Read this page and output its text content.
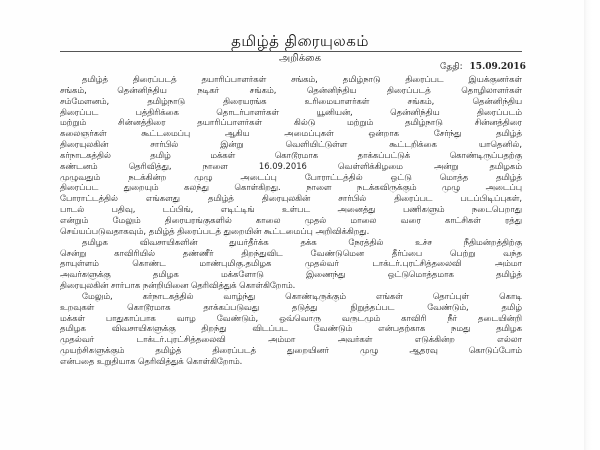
தமிழ்த் திரையுலகம்
அறிக்கை
தேதி: 15.09.2016
தமிழ்த் திரைப்படத் தயாரிப்பாளர்கள் சங்கம், தமிழ்நாடு திரைப்பட இயக்குனர்கள்
சங்கம், தென்னிந்திய நடிகர் சங்கம், தென்னிந்திய திரைப்படத் தொழிலாளர்கள்
சம்மேளனம், தமிழ்நாடு திரையரங்க உரிமையாளர்கள் சங்கம், தென்னிந்திய
திரைப்பட பத்திரிக்கை தொடர்பாளர்கள் யூனியன், தென்னிந்திய திரைப்படம்
மற்றும் சின்னத்திரை தயாரிப்பாளர்கள் கில்டு மற்றும் தமிழ்நாடு சின்னத்திரை
கலைஞர்கள் கூட்டமைப்பு ஆகிய அமைப்புகள் ஒன்றாக சேர்ந்து தமிழ்த்
திரையுலகின் சார்பில் இன்று வெளியிட்டுள்ள கூட்டறிக்கை யாதெனில்,
கர்நாடகத்தில் தமிழ் மக்கள் கொடூரமாக தாக்கப்பட்டுக் கொண்டிருப்பதற்கு
கண்டனம் தெரிவித்து, நாளை 16.09.2016 வெள்ளிக்கிழமை அன்று தமிழகம்
முழுவதும் நடக்கின்ற முழு அடைப்பு போராட்டத்தில் ஒட்டு மொத்த தமிழ்த்
திரைப்பட துறையும் கலந்து கொள்கிறது. நாளை நடக்கவிருக்கும் முழு அடைப்பு
போராட்டத்தில் எங்களது தமிழ்த் திரையுலகின் சார்பில் திரைப்பட படப்பிடிப்புகள்,
பாடல் பதிவு, டப்பிங், எடிட்டிங் உள்பட அனைத்து பணிகளும் நடைபெறாது
என்றும் மேலும் திரையரங்குகளில் காலை முதல் மாலை வரை காட்சிகள் ரத்து
செய்யப்படுவதாகவும், தமிழ்த் திரைப்படத் துறையின் கூட்டமைப்பு அறிவிக்கிறது.
தமிழக விவசாயிகளின் துயர்தீர்க்க தக்க நேரத்தில் உச்ச நீதிமன்றத்திற்கு
சென்று காவிரியில் தண்ணீர் திறந்துவிட வேண்டுமென தீர்ப்பை பெற்று வந்த
தாயுள்ளம் கொண்ட மாண்புமிகு.தமிழக முதல்வர் டாக்டர்.புரட்சித்தலைவி அம்மா
அவர்களுக்கு தமிழக மக்களோடு இணைந்து ஒட்டுமொத்தமாக தமிழ்த்
திரையுலகின் சார்பாக நன்றியினை தெரிவித்துக் கொள்கிறோம்.
மேலும், கர்நாடகத்தில் வாழ்ந்து கொண்டிருக்கும் எங்கள் தொப்புள் கொடி
உறவுகள் கொடூரமாக தாக்கப்படுவது தடுத்து நிறுத்தப்பட வேண்டும், தமிழ்
மக்கள் பாதுகாப்பாக வாழ வேண்டும், ஒவ்வொரு வருடமும் காவிரி நீர் தடையின்றி
தமிழக விவசாயிகளுக்கு திறந்து விடப்பட வேண்டும் என்பதற்காக நமது தமிழக
முதல்வர் டாக்டர்.புரட்சித்தலைவி அம்மா அவர்கள் எடுக்கின்ற எல்லா
முயற்சிகளுக்கும் தமிழ்த் திரைப்படத் துறையினர் முழு ஆதரவு கொடுப்போம்
என்பதை உறுதியாக தெரிவித்துக் கொள்கிறோம்.
